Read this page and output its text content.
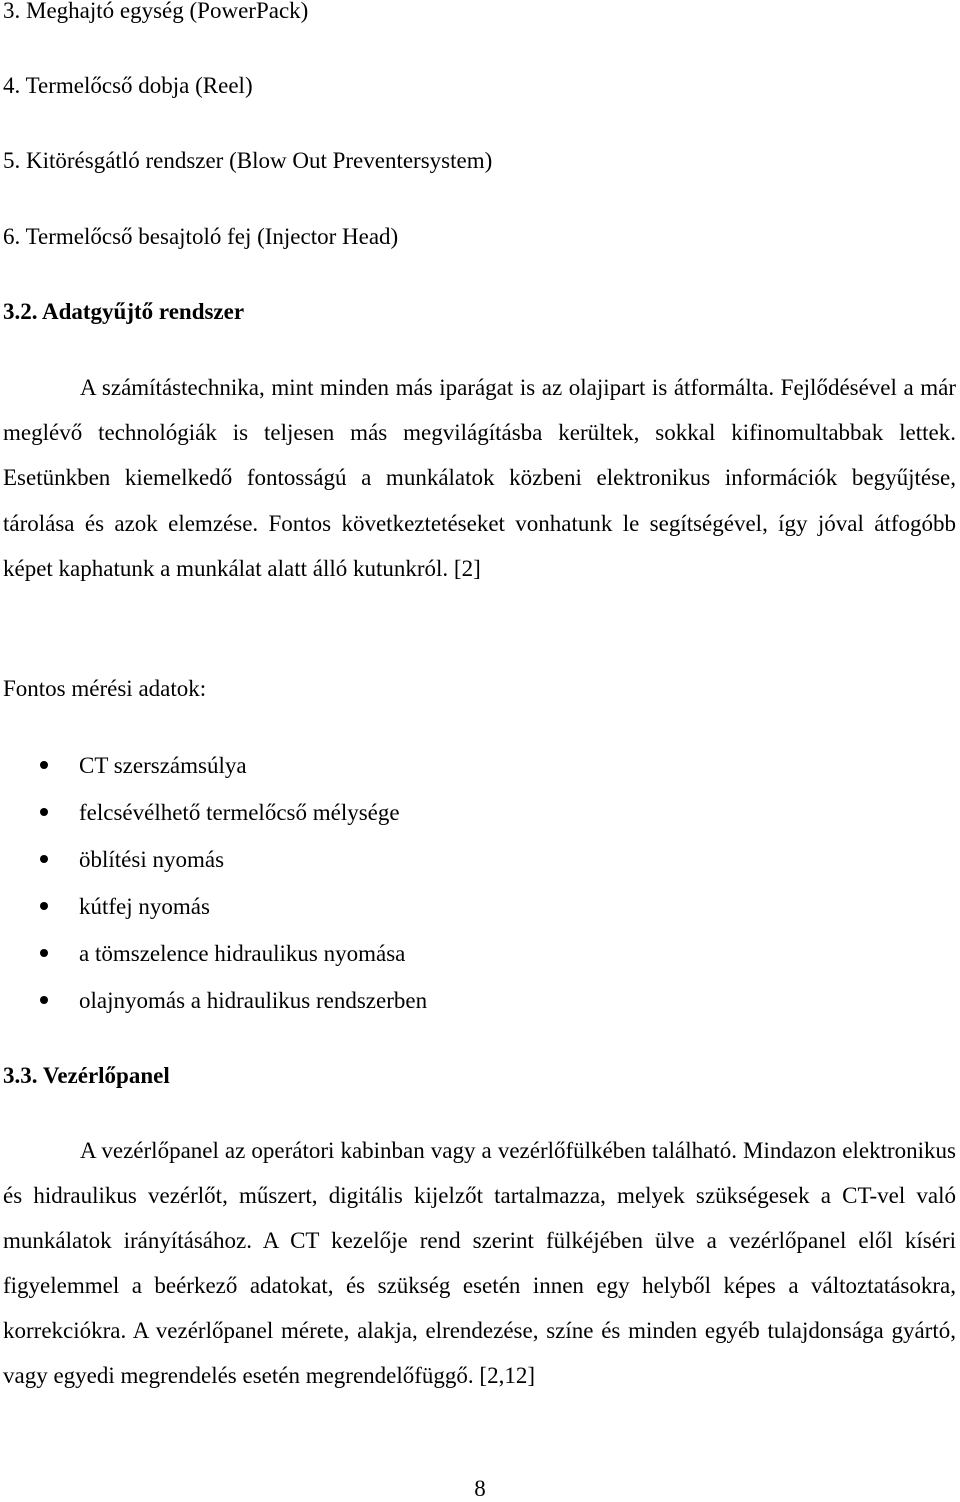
3. Meghajtó egység (PowerPack)
4. Termelőcső dobja (Reel)
5. Kitörésgátló rendszer (Blow Out Preventersystem)
6. Termelőcső besajtoló fej (Injector Head)
3.2. Adatgyűjtő rendszer

A számítástechnika, mint minden más iparágat is az olajipart is átformálta. Fejlődésével a már meglévő technológiák is teljesen más megvilágításba kerültek, sokkal kifinomultabbak lettek. Esetünkben kiemelkedő fontosságú a munkálatok közbeni elektronikus információk begyűjtése, tárolása és azok elemzése. Fontos következtetéseket vonhatunk le segítségével, így jóval átfogóbb képet kaphatunk a munkálat alatt álló kutunkról. [2]

Fontos mérési adatok:
CT szerszámsúlya
felcsévélhető termelőcső mélysége
öblítési nyomás
kútfej nyomás
a tömszelence hidraulikus nyomása
olajnyomás a hidraulikus rendszerben
3.3. Vezérlőpanel

A vezérlőpanel az operátori kabinban vagy a vezérlőfülkében található. Mindazon elektronikus és hidraulikus vezérlőt, műszert, digitális kijelzőt tartalmazza, melyek szükségesek a CT-vel való munkálatok irányításához. A CT kezelője rend szerint fülkéjében ülve a vezérlőpanel elől kíséri figyelemmel a beérkező adatokat, és szükség esetén innen egy helyből képes a változtatásokra, korrekciókra. A vezérlőpanel mérete, alakja, elrendezése, színe és minden egyéb tulajdonsága gyártó, vagy egyedi megrendelés esetén megrendelőfüggő. [2,12]

8
